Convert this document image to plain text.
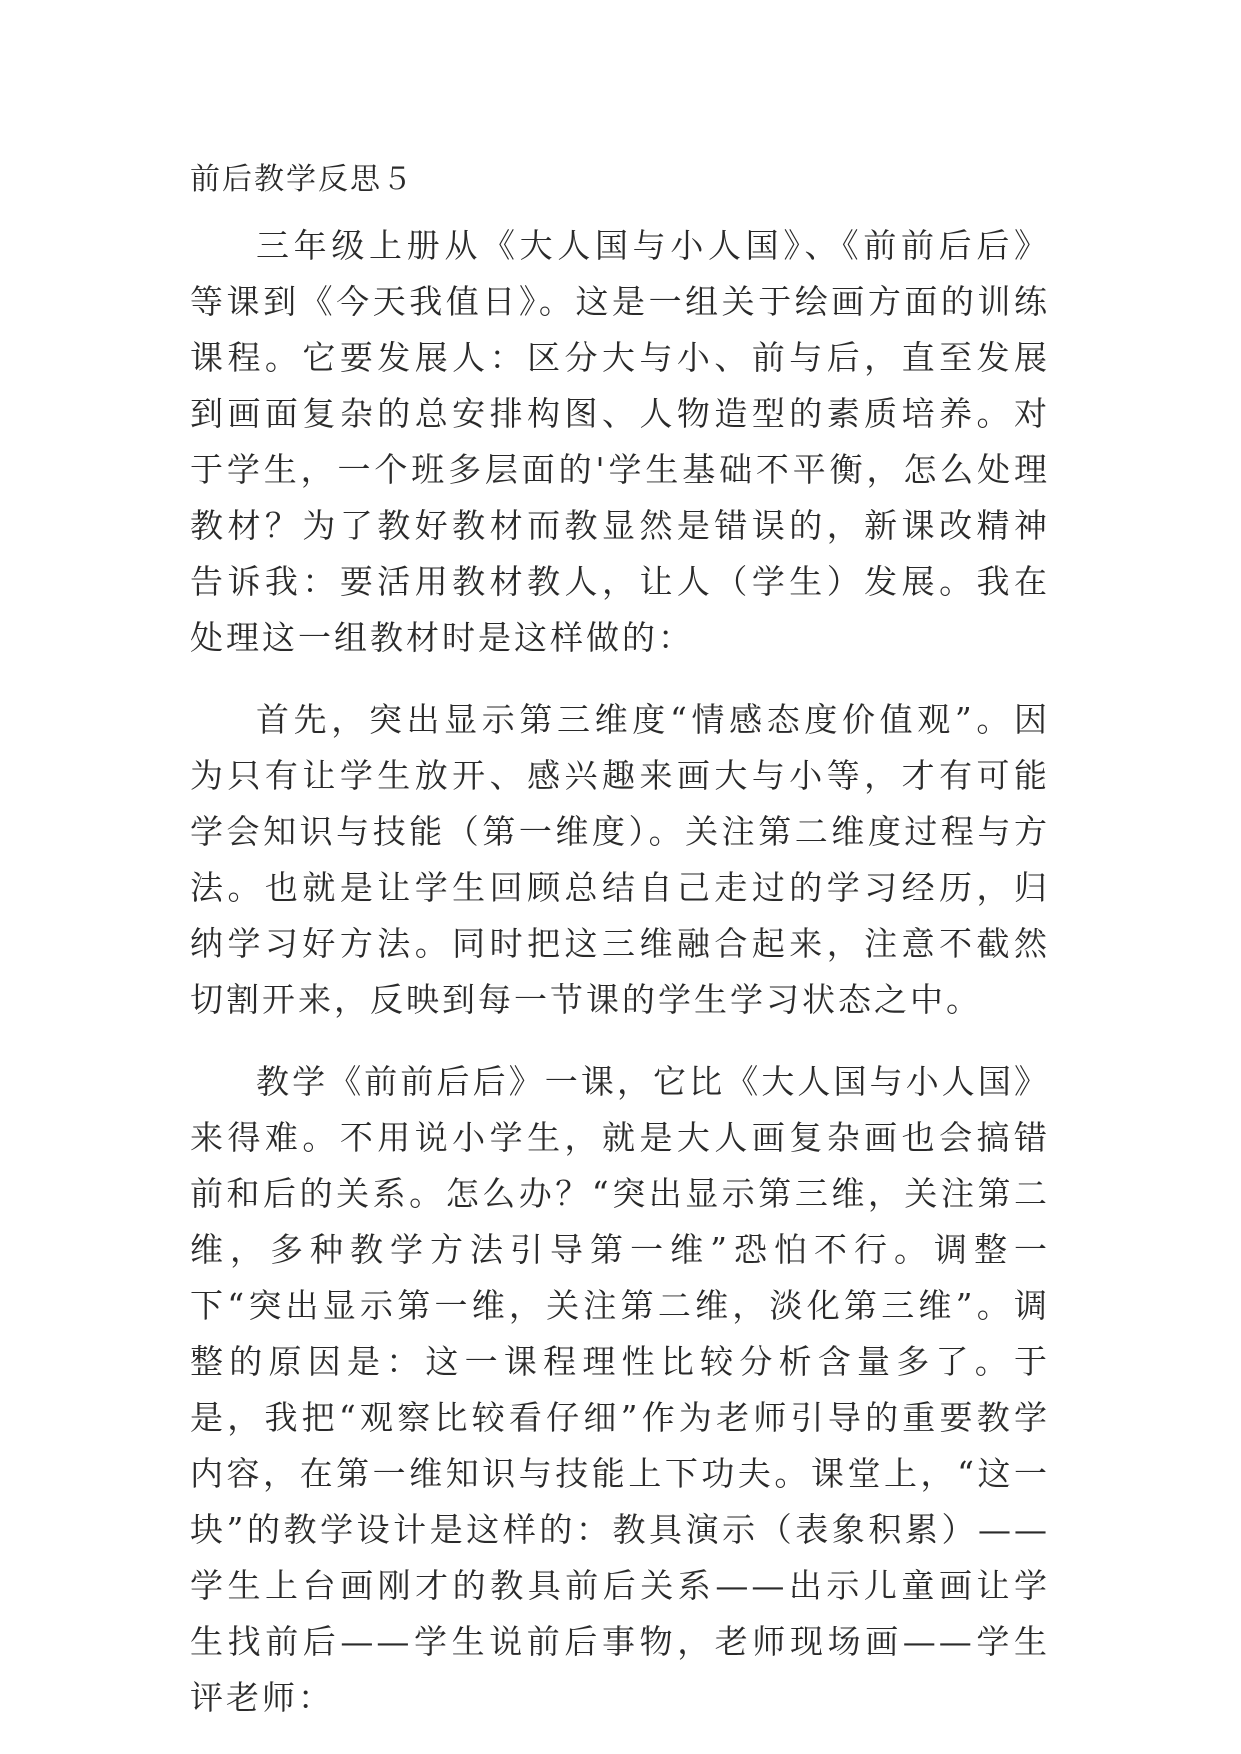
前后教学反思５

三年级上册从《大人国与小人国》、《前前后后》等课到《今天我值日》。这是一组关于绘画方面的训练课程。它要发展人：区分大与小、前与后，直至发展到画面复杂的总安排构图、人物造型的素质培养。对于学生，一个班多层面的'学生基础不平衡，怎么处理教材？为了教好教材而教显然是错误的，新课改精神告诉我：要活用教材教人，让人（学生）发展。我在处理这一组教材时是这样做的：

首先，突出显示第三维度“情感态度价值观”。因为只有让学生放开、感兴趣来画大与小等，才有可能学会知识与技能（第一维度）。关注第二维度过程与方法。也就是让学生回顾总结自己走过的学习经历，归纳学习好方法。同时把这三维融合起来，注意不截然切割开来，反映到每一节课的学生学习状态之中。

教学《前前后后》一课，它比《大人国与小人国》来得难。不用说小学生，就是大人画复杂画也会搞错前和后的关系。怎么办？“突出显示第三维，关注第二维，多种教学方法引导第一维”恐怕不行。调整一下“突出显示第一维，关注第二维，淡化第三维”。调整的原因是：这一课程理性比较分析含量多了。于是，我把“观察比较看仔细”作为老师引导的重要教学内容，在第一维知识与技能上下功夫。课堂上，“这一块”的教学设计是这样的：教具演示（表象积累）——学生上台画刚才的教具前后关系——出示儿童画让学生找前后——学生说前后事物，老师现场画——学生评老师：
